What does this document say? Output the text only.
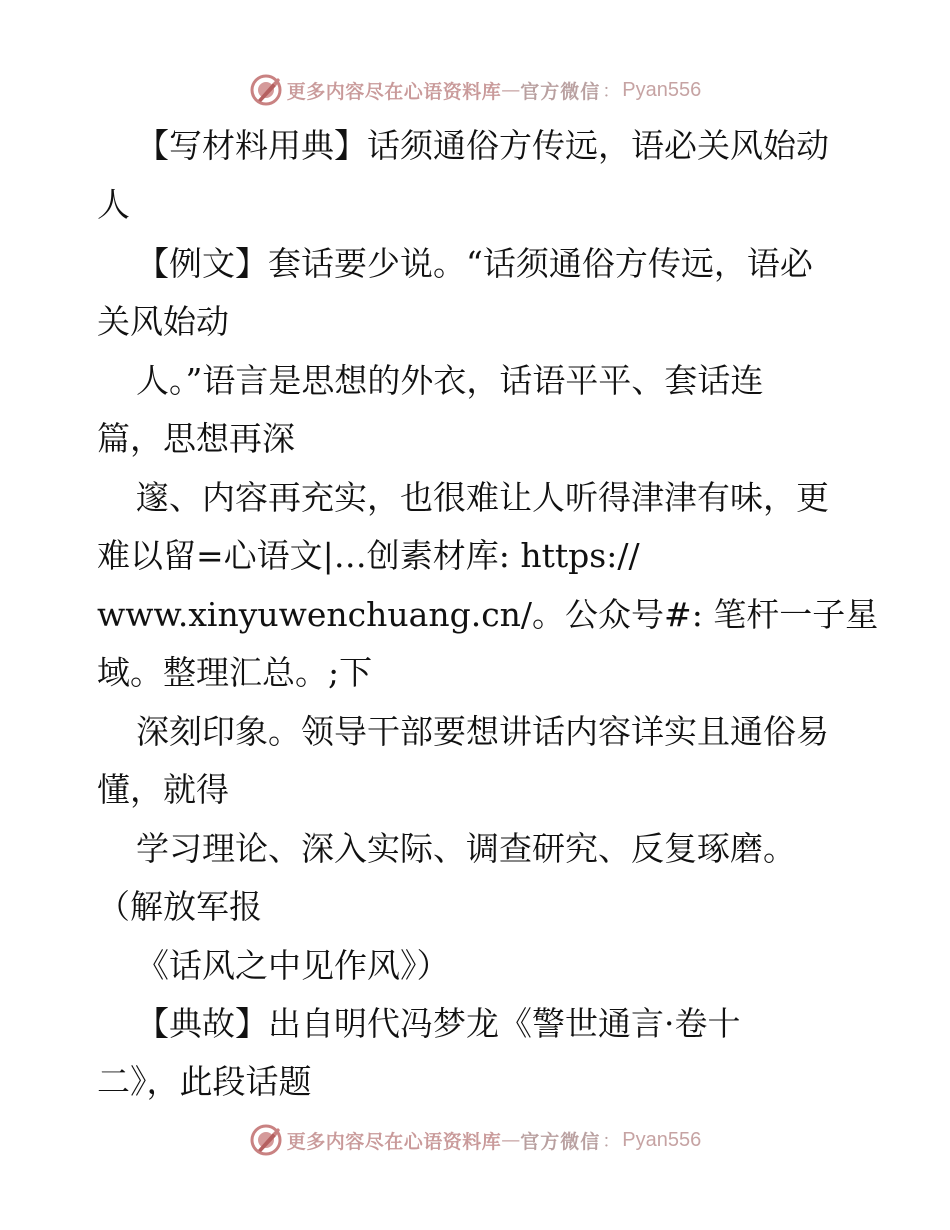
更多内容尽在心语资料库 — 官方微信 ： Pyan556
【写材料用典】话须通俗方传远，语必关风始动
人
【例文】套话要少说。“话须通俗方传远，语必
关风始动
人。”语言是思想的外衣，话语平平、套话连
篇，思想再深
邃、内容再充实，也很难让人听得津津有味，更
难以留=心语文|…创素材库: https://
www.xinyuwenchuang.cn/。公众号#: 笔杆一子星
域。整理汇总。;下
深刻印象。领导干部要想讲话内容详实且通俗易
懂，就得
学习理论、深入实际、调查研究、反复琢磨。
（解放军报
《话风之中见作风》）
【典故】出自明代冯梦龙《警世通言·卷十
二》，此段话题
更多内容尽在心语资料库 — 官方微信 ： Pyan556
